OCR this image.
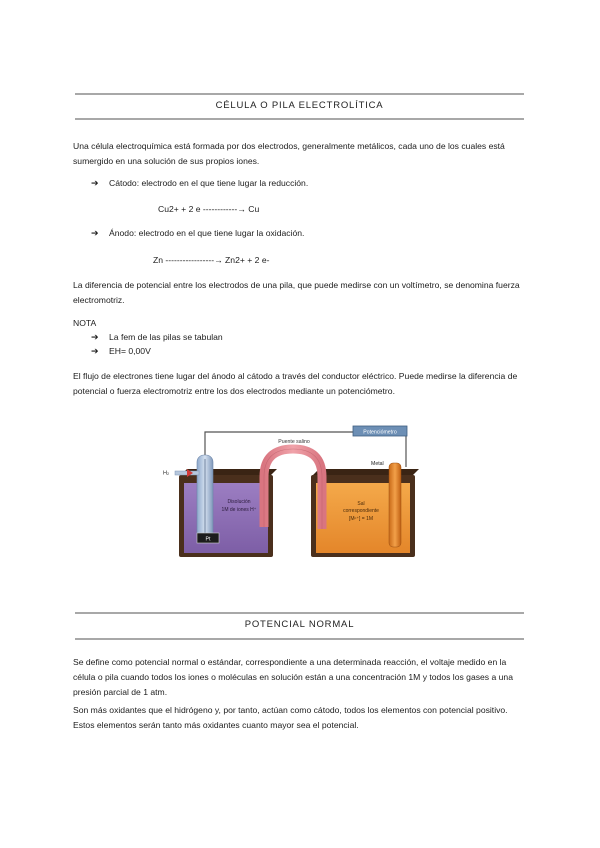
CÉLULA O PILA ELECTROLÍTICA
Una célula electroquímica está formada por dos electrodos, generalmente metálicos, cada uno de los cuales está sumergido en una solución de sus propios iones.
➔ Cátodo: electrodo en el que tiene lugar la reducción.
Cu2+ + 2 e ------------→ Cu
➔ Ánodo: electrodo en el que tiene lugar la oxidación.
Zn -----------------→ Zn2+ + 2 e-
La diferencia de potencial entre los electrodos de una pila, que puede medirse con un voltímetro, se denomina fuerza electromotriz.
NOTA
➔ La fem de las pilas se tabulan
➔ EH= 0,00V
El flujo de electrones tiene lugar del ánodo al cátodo a través del conductor eléctrico. Puede medirse la diferencia de potencial o fuerza electromotriz entre los dos electrodos mediante un potenciómetro.
Potenciómetro
Puente salino
H₂
Pt
Disolución
1M de iones H⁺
Metal
Sal
correspondiente
[Mⁿ⁺] = 1M
POTENCIAL NORMAL
Se define como potencial normal o estándar, correspondiente a una determinada reacción, el voltaje medido en la célula o pila cuando todos los iones o moléculas en solución están a una concentración 1M y todos los gases a una presión parcial de 1 atm.
Son más oxidantes que el hidrógeno y, por tanto, actúan como cátodo, todos los elementos con potencial positivo. Estos elementos serán tanto más oxidantes cuanto mayor sea el potencial.
